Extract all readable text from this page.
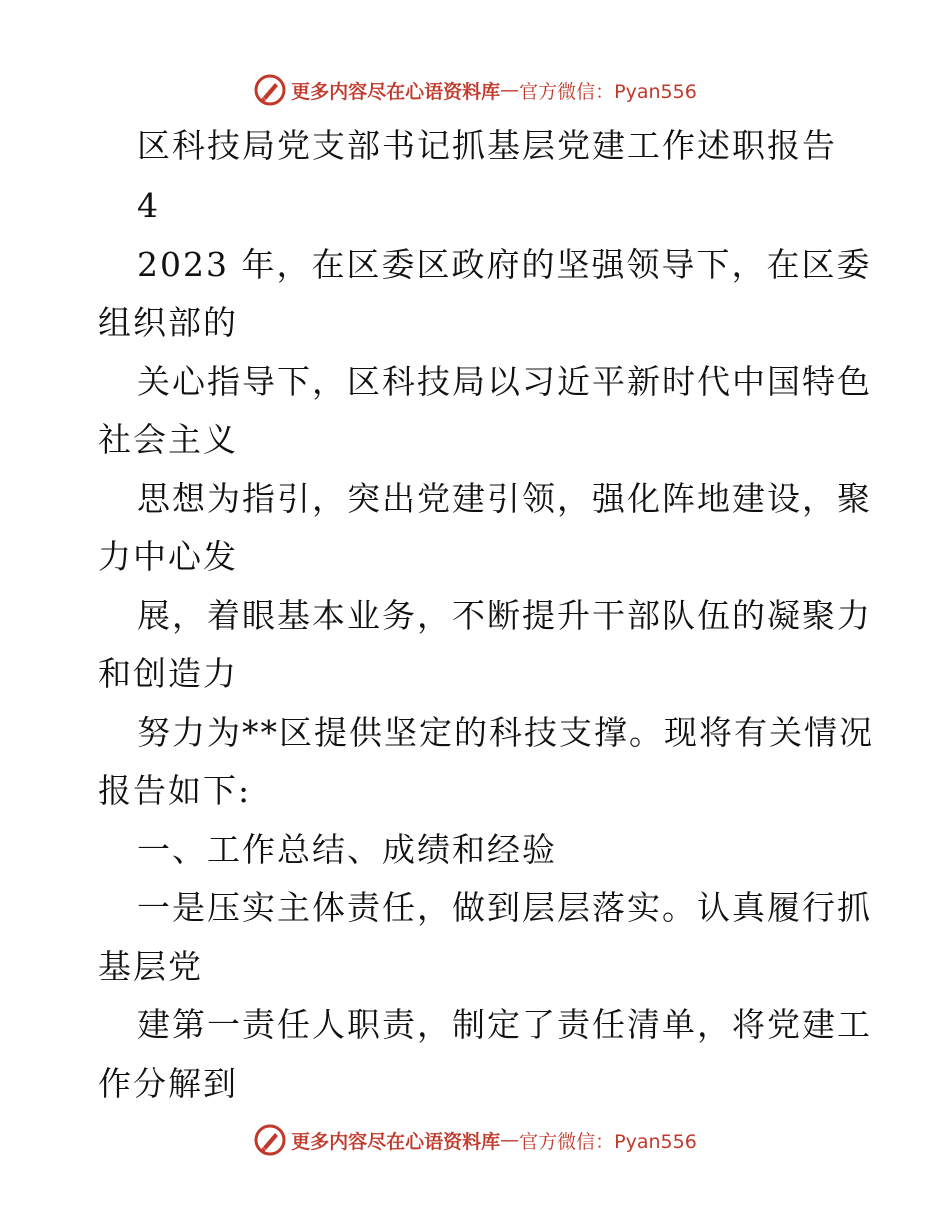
更多内容尽在心语资料库 — 官方微信：Pyan556
区科技局党支部书记抓基层党建工作述职报告
4
2023 年，在区委区政府的坚强领导下，在区委
组织部的
关心指导下，区科技局以习近平新时代中国特色
社会主义
思想为指引，突出党建引领，强化阵地建设，聚
力中心发
展，着眼基本业务，不断提升干部队伍的凝聚力
和创造力
努力为**区提供坚定的科技支撑。现将有关情况
报告如下:
一、工作总结、成绩和经验
一是压实主体责任，做到层层落实。认真履行抓
基层党
建第一责任人职责，制定了责任清单，将党建工
作分解到
更多内容尽在心语资料库 — 官方微信：Pyan556
